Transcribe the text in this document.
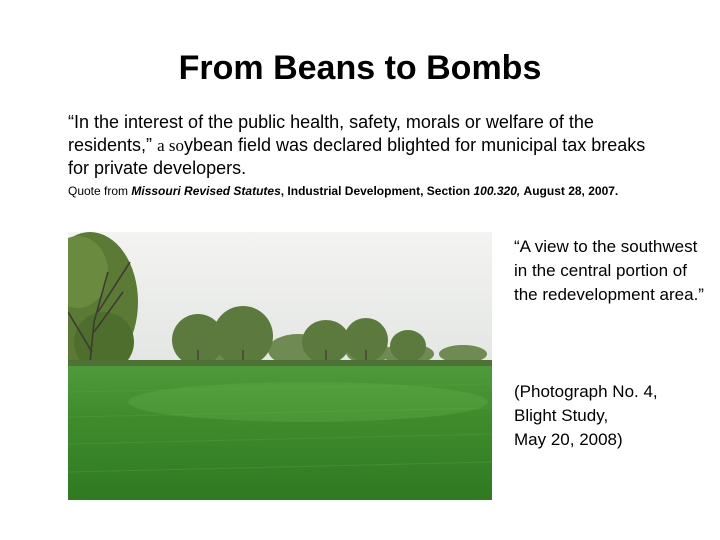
From Beans to Bombs

“In the interest of the public health, safety, morals or welfare of the residents,” a soybean field was declared blighted for municipal tax breaks for private developers.

Quote from Missouri Revised Statutes, Industrial Development, Section 100.320, August 28, 2007.

“A view to the southwest in the central portion of the redevelopment area.”

(Photograph No. 4,
Blight Study,
May 20, 2008)
